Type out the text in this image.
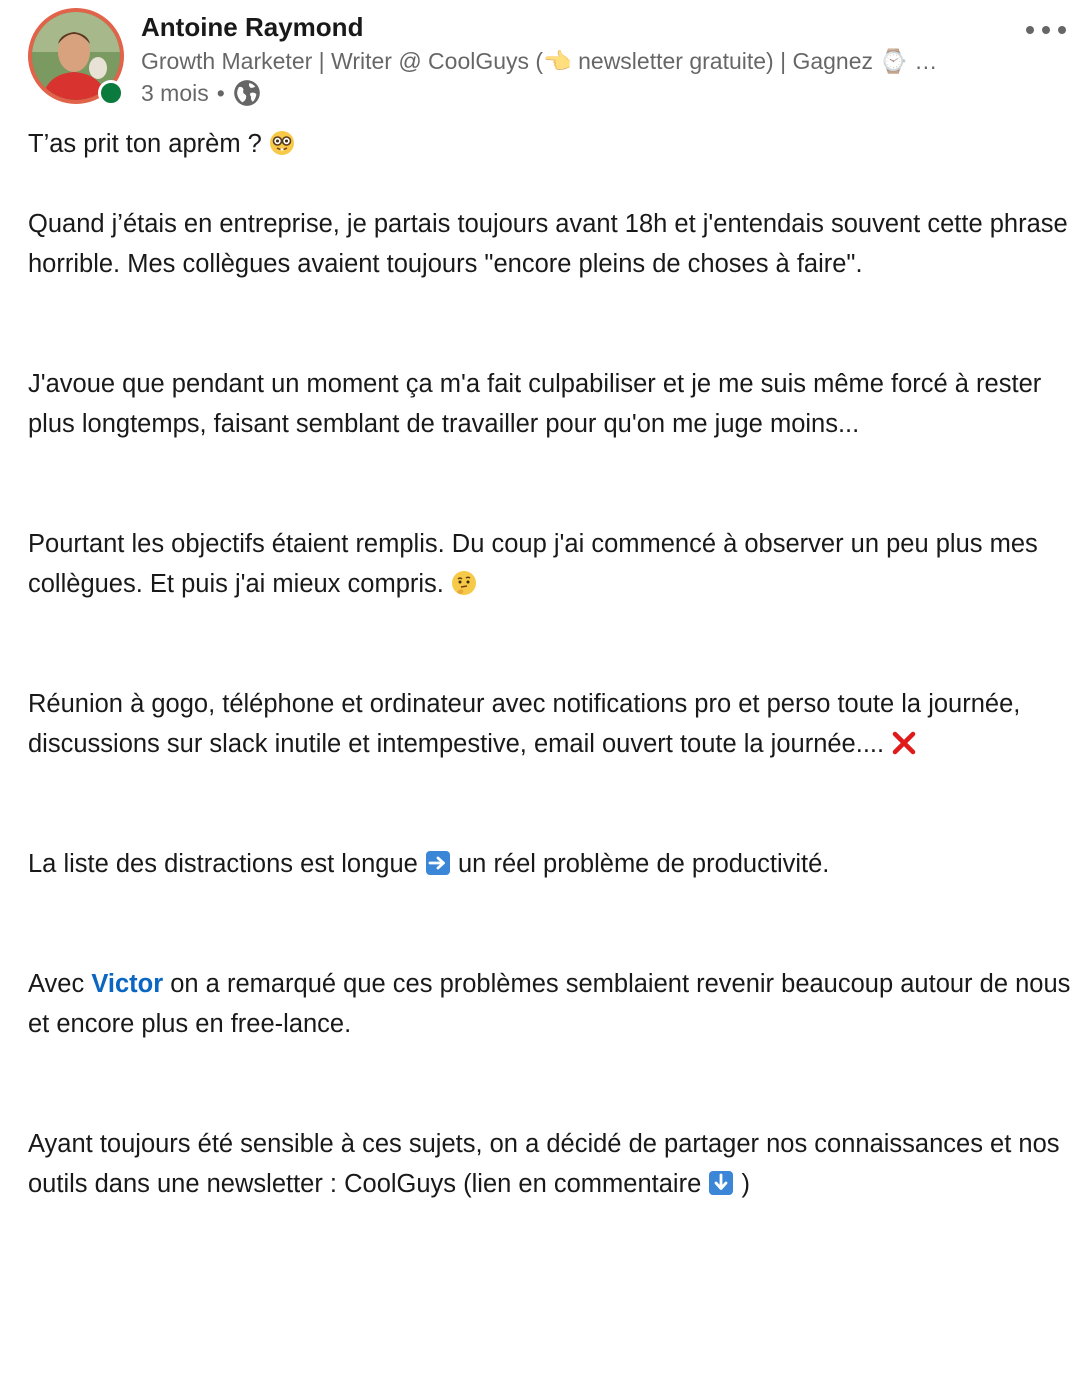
Antoine Raymond
Growth Marketer | Writer @ CoolGuys (👈 newsletter gratuite) | Gagnez ⌚ …
3 mois •

T’as prit ton aprèm ?

Quand j’étais en entreprise, je partais toujours avant 18h et j'entendais souvent cette phrase horrible. Mes collègues avaient toujours "encore pleins de choses à faire".

J'avoue que pendant un moment ça m'a fait culpabiliser et je me suis même forcé à rester plus longtemps, faisant semblant de travailler pour qu'on me juge moins...

Pourtant les objectifs étaient remplis. Du coup j'ai commencé à observer un peu plus mes collègues. Et puis j'ai mieux compris.

Réunion à gogo, téléphone et ordinateur avec notifications pro et perso toute la journée, discussions sur slack inutile et intempestive, email ouvert toute la journée....

La liste des distractions est longue un réel problème de productivité.

Avec Victor on a remarqué que ces problèmes semblaient revenir beaucoup autour de nous et encore plus en free-lance.

Ayant toujours été sensible à ces sujets, on a décidé de partager nos connaissances et nos outils dans une newsletter : CoolGuys (lien en commentaire )
